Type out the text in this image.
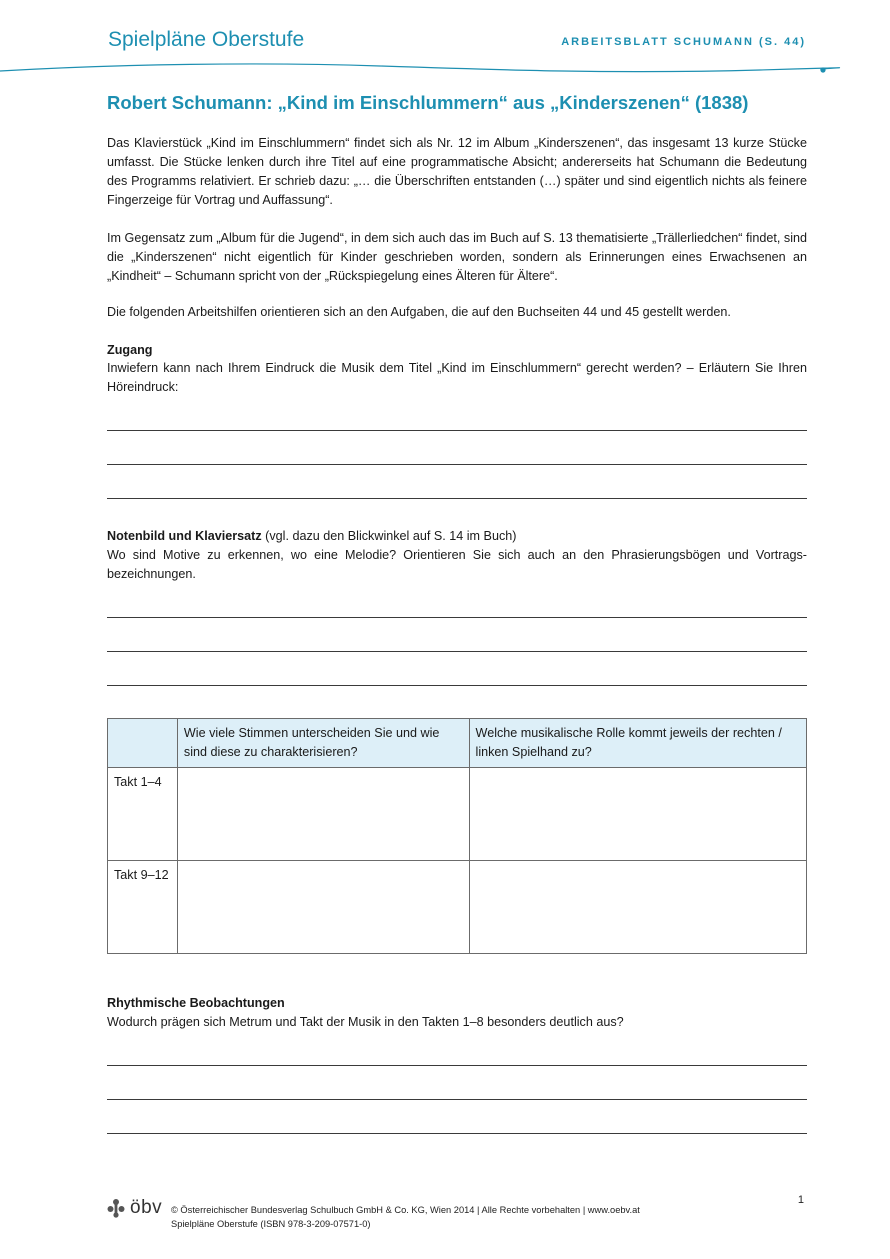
Spielpläne Oberstufe	ARBEITSBLATT SCHUMANN (S. 44)
Robert Schumann: „Kind im Einschlummern“ aus „Kinderszenen“ (1838)

Das Klavierstück „Kind im Einschlummern“ findet sich als Nr. 12 im Album „Kinderszenen“, das insgesamt 13 kurze Stücke umfasst. Die Stücke lenken durch ihre Titel auf eine programmatische Absicht; andererseits hat Schumann die Bedeutung des Programms relativiert. Er schrieb dazu: „… die Überschriften entstanden (…) später und sind eigentlich nichts als feinere Fingerzeige für Vortrag und Auffassung“.

Im Gegensatz zum „Album für die Jugend“, in dem sich auch das im Buch auf S. 13 thematisierte „Trällerliedchen“ findet, sind die „Kinderszenen“ nicht eigentlich für Kinder geschrieben worden, sondern als Erinnerungen eines Erwachsenen an „Kindheit“ – Schumann spricht von der „Rückspiegelung eines Älteren für Ältere“.

Die folgenden Arbeitshilfen orientieren sich an den Aufgaben, die auf den Buchseiten 44 und 45 gestellt werden.

Zugang

Inwiefern kann nach Ihrem Eindruck die Musik dem Titel „Kind im Einschlummern“ gerecht werden? – Erläutern Sie Ihren Höreindruck:

Notenbild und Klaviersatz (vgl. dazu den Blickwinkel auf S. 14 im Buch)

Wo sind Motive zu erkennen, wo eine Melodie? Orientieren Sie sich auch an den Phrasierungsbögen und Vortragsbezeichnungen.

	Wie viele Stimmen unterscheiden Sie und wie sind diese zu charakterisieren?	Welche musikalische Rolle kommt jeweils der rechten / linken Spielhand zu?
Takt 1–4		
Takt 9–12		
Rhythmische Beobachtungen

Wodurch prägen sich Metrum und Takt der Musik in den Takten 1–8 besonders deutlich aus?

öbv © Österreichischer Bundesverlag Schulbuch GmbH & Co. KG, Wien 2014 | Alle Rechte vorbehalten | www.oebv.at
Spielpläne Oberstufe (ISBN 978-3-209-07571-0)
1
